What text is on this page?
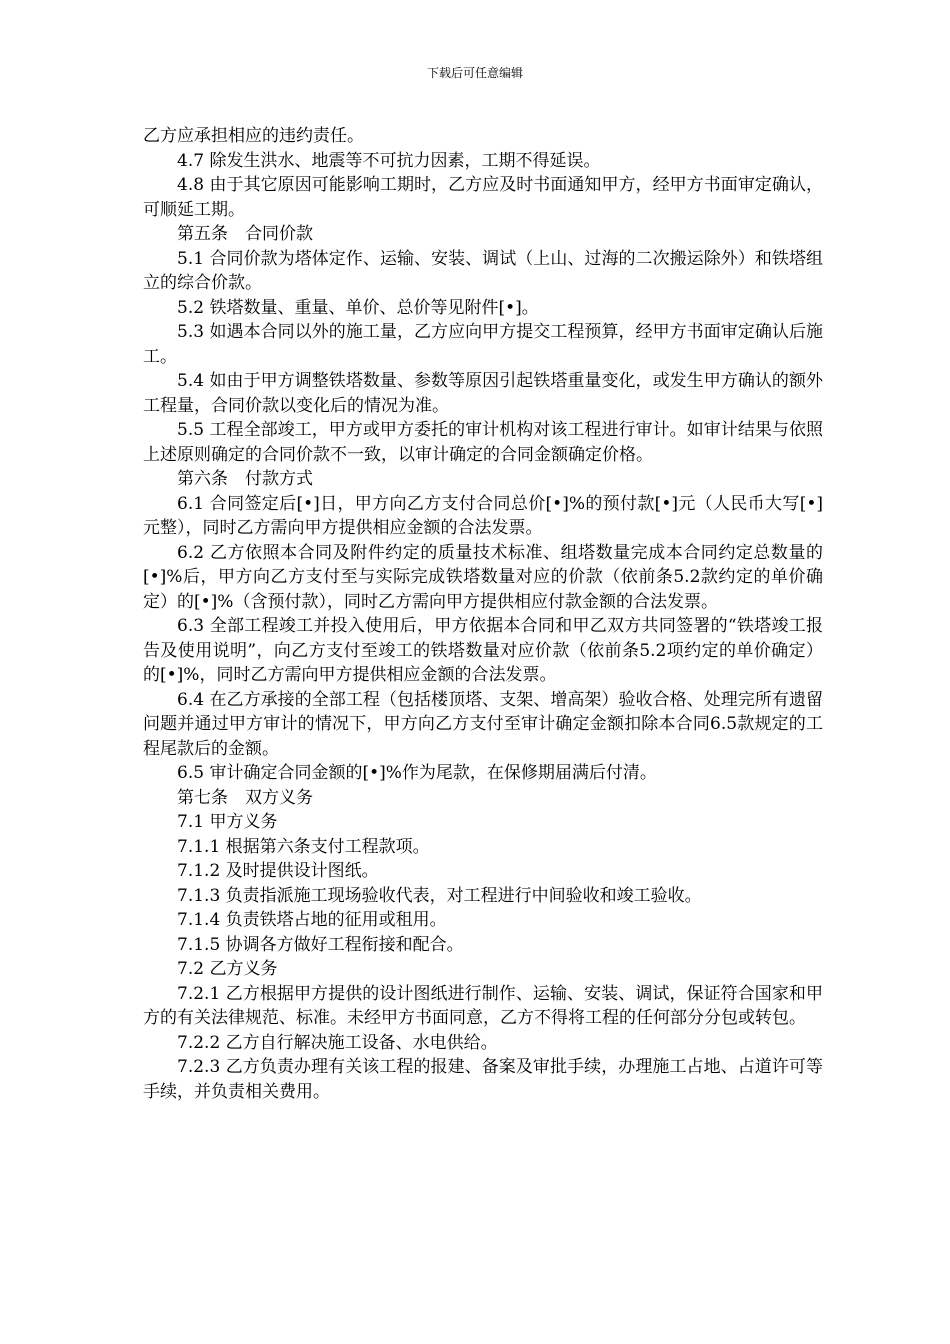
下载后可任意编辑

乙方应承担相应的违约责任。

4.7 除发生洪水、地震等不可抗力因素，工期不得延误。

4.8 由于其它原因可能影响工期时，乙方应及时书面通知甲方，经甲方书面审定确认，可顺延工期。

第五条　合同价款

5.1 合同价款为塔体定作、运输、安装、调试（上山、过海的二次搬运除外）和铁塔组立的综合价款。

5.2 铁塔数量、重量、单价、总价等见附件[•]。

5.3 如遇本合同以外的施工量，乙方应向甲方提交工程预算，经甲方书面审定确认后施工。

5.4 如由于甲方调整铁塔数量、参数等原因引起铁塔重量变化，或发生甲方确认的额外工程量，合同价款以变化后的情况为准。

5.5 工程全部竣工，甲方或甲方委托的审计机构对该工程进行审计。如审计结果与依照上述原则确定的合同价款不一致，以审计确定的合同金额确定价格。

第六条　付款方式

6.1 合同签定后[•]日，甲方向乙方支付合同总价[•]%的预付款[•]元（人民币大写[•]元整），同时乙方需向甲方提供相应金额的合法发票。

6.2 乙方依照本合同及附件约定的质量技术标准、组塔数量完成本合同约定总数量的[•]%后，甲方向乙方支付至与实际完成铁塔数量对应的价款（依前条5.2款约定的单价确定）的[•]%（含预付款），同时乙方需向甲方提供相应付款金额的合法发票。

6.3 全部工程竣工并投入使用后，甲方依据本合同和甲乙双方共同签署的“铁塔竣工报告及使用说明”，向乙方支付至竣工的铁塔数量对应价款（依前条5.2项约定的单价确定）的[•]%，同时乙方需向甲方提供相应金额的合法发票。

6.4 在乙方承接的全部工程（包括楼顶塔、支架、增高架）验收合格、处理完所有遗留问题并通过甲方审计的情况下，甲方向乙方支付至审计确定金额扣除本合同6.5款规定的工程尾款后的金额。

6.5 审计确定合同金额的[•]%作为尾款，在保修期届满后付清。

第七条　双方义务

7.1 甲方义务

7.1.1 根据第六条支付工程款项。

7.1.2 及时提供设计图纸。

7.1.3 负责指派施工现场验收代表，对工程进行中间验收和竣工验收。

7.1.4 负责铁塔占地的征用或租用。

7.1.5 协调各方做好工程衔接和配合。

7.2 乙方义务

7.2.1 乙方根据甲方提供的设计图纸进行制作、运输、安装、调试，保证符合国家和甲方的有关法律规范、标准。未经甲方书面同意，乙方不得将工程的任何部分分包或转包。

7.2.2 乙方自行解决施工设备、水电供给。

7.2.3 乙方负责办理有关该工程的报建、备案及审批手续，办理施工占地、占道许可等手续，并负责相关费用。
